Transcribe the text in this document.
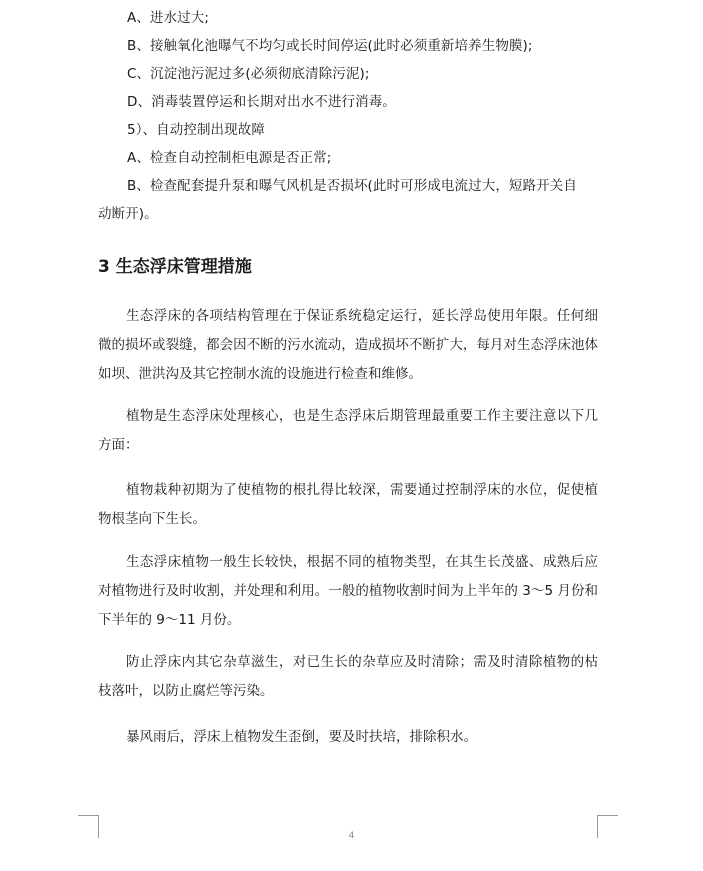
A、进水过大;
B、接触氧化池曝气不均匀或长时间停运(此时必须重新培养生物膜);
C、沉淀池污泥过多(必须彻底清除污泥);
D、消毒装置停运和长期对出水不进行消毒。
5）、自动控制出现故障
A、检查自动控制柜电源是否正常;
B、检查配套提升泵和曝气风机是否损坏(此时可形成电流过大，短路开关自
动断开)。
3 生态浮床管理措施
生态浮床的各项结构管理在于保证系统稳定运行，延长浮岛使用年限。任何细微的损坏或裂缝，都会因不断的污水流动，造成损坏不断扩大，每月对生态浮床池体如坝、泄洪沟及其它控制水流的设施进行检查和维修。
植物是生态浮床处理核心，也是生态浮床后期管理最重要工作主要注意以下几方面：
植物栽种初期为了使植物的根扎得比较深，需要通过控制浮床的水位，促使植物根茎向下生长。
生态浮床植物一般生长较快，根据不同的植物类型，在其生长茂盛、成熟后应对植物进行及时收割，并处理和利用。一般的植物收割时间为上半年的 3～5 月份和下半年的 9～11 月份。
防止浮床内其它杂草滋生，对已生长的杂草应及时清除；需及时清除植物的枯枝落叶，以防止腐烂等污染。
暴风雨后，浮床上植物发生歪倒，要及时扶培，排除积水。
4
